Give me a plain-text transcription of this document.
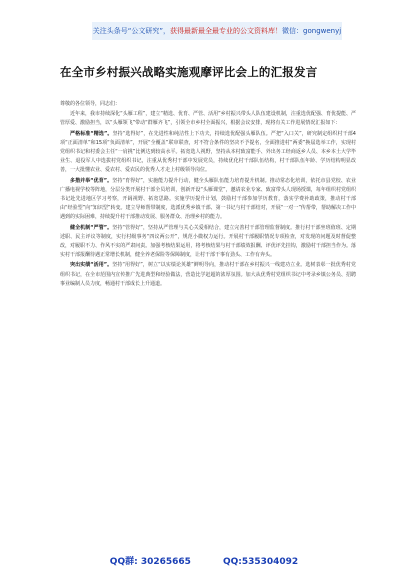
关注头条号“公文研究”，获得最新最全最专业的公文资料库！微信：gongwenyj
在全市乡村振兴战略实施观摩评比会上的汇报发言

尊敬的各位领导，同志们：

近年来，我市持续深化“头雁工程”，建立“精选、优育、严管、活用”乡村振兴带头人队伍建设机制，注重选优配强、育优提能、严管厚爱、激励担当，以“头雁领飞”带动“群雁齐飞”，引领全市乡村全面振兴，根据会议安排，现将有关工作进展情况汇报如下：

严格标准“精选”。坚持“选得好”，在先进性和纯洁性上下功夫，持续选优配强头雁队伍。严把“入口关”，研究制定组织村干部4项“正面清单”和15项“负面清单”，开展“全覆盖”联审联查，对不符合条件的坚决不予提名，全面推进村“两委”换届选举工作，实现村党组织书记和村委会主任“一肩挑”比例达到较高水平。拓宽选人视野，坚持从本村致富能手、外出务工经商返乡人员、本乡本土大学毕业生、退役军人中选拔村党组织书记，注重从优秀村干部中发展党员，持续优化村干部队伍结构，村干部队伍年龄、学历结构明显改善，一大批懂农业、爱农村、爱农民的优秀人才走上村级领导岗位。

多措并举“优育”。坚持“育得好”，实施能力提升行动，健全头雁队伍能力培育提升机制。推动常态化培训，依托市县党校、农业广播电视学校等阵地，分层分类开展村干部全员培训，创新开设“头雁课堂”，邀请农业专家、致富带头人现场授课，每年组织村党组织书记赴先进地区学习考察，开阔视野、拓宽思路。实施学历提升计划，鼓励村干部参加学历教育，落实学费补助政策，推动村干部由“经验型”向“知识型”转变。建立导师帮带制度，选派优秀乡镇干部、第一书记与村干部结对，开展“一对一”传帮带，帮助解决工作中遇到的实际困难，持续提升村干部推动发展、服务群众、治理乡村的能力。

健全机制“严管”。坚持“管得好”，坚持从严管理与关心关爱相结合，建立完善村干部管理监督制度。推行村干部坐班值班、定期述职、民主评议等制度，实行村级事务“四议两公开”，规范小微权力运行。开展村干部履职情况专项检查，对发现的问题及时督促整改，对履职不力、作风不实的严肃问责。加强考核结果运用，将考核结果与村干部绩效报酬、评优评先挂钩，激励村干部担当作为。落实村干部报酬待遇正常增长机制，健全养老保险等保障制度，让村干部干事有劲头、工作有奔头。

突出实绩“活用”。坚持“用得好”，树立“以实绩论英雄”鲜明导向，推动村干部在乡村振兴一线建功立业。选树表彰一批优秀村党组织书记，在全市范围内宣传推广先进典型和经验做法，营造比学赶超的浓厚氛围。加大从优秀村党组织书记中考录乡镇公务员、招聘事业编制人员力度，畅通村干部成长上升通道。

QQ群: 30265665	QQ:535304092
